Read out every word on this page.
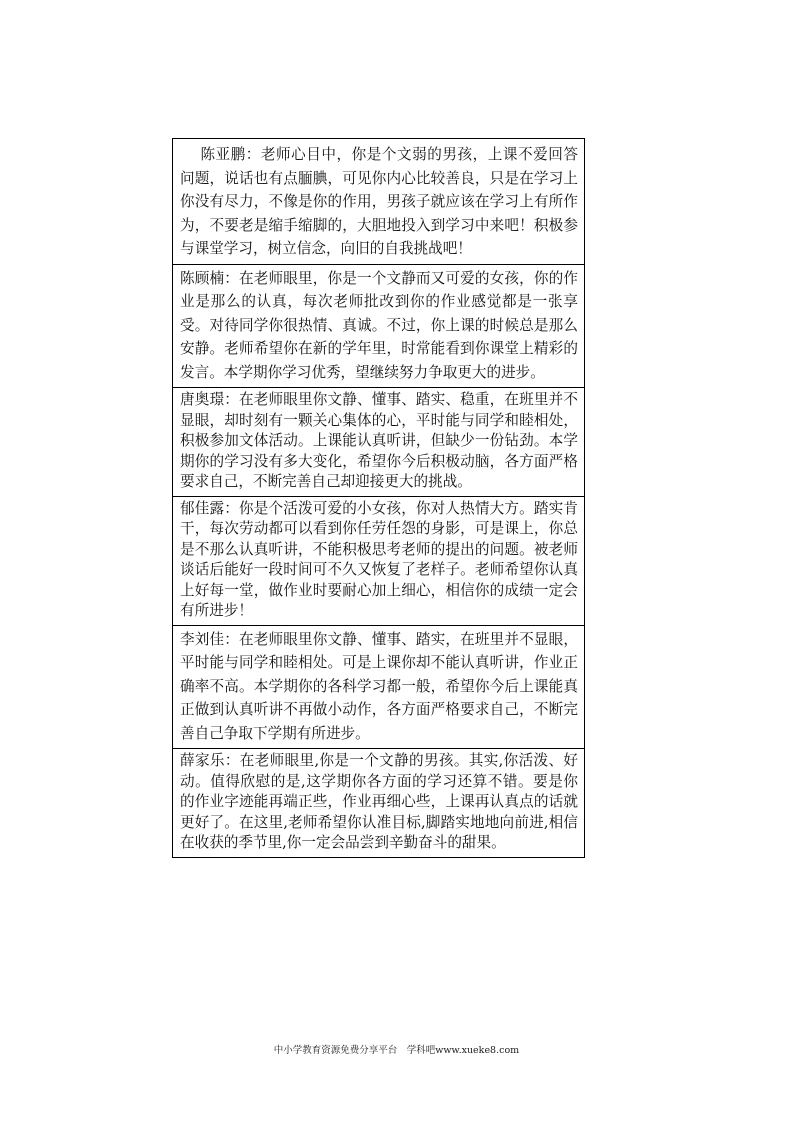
陈亚鹏：老师心目中，你是个文弱的男孩，上课不爱回答问题，说话也有点腼腆，可见你内心比较善良，只是在学习上你没有尽力，不像是你的作用，男孩子就应该在学习上有所作为，不要老是缩手缩脚的，大胆地投入到学习中来吧！积极参与课堂学习，树立信念，向旧的自我挑战吧！
陈顾楠：在老师眼里，你是一个文静而又可爱的女孩，你的作业是那么的认真，每次老师批改到你的作业感觉都是一张享受。对待同学你很热情、真诚。不过，你上课的时候总是那么安静。老师希望你在新的学年里，时常能看到你课堂上精彩的发言。本学期你学习优秀，望继续努力争取更大的进步。
唐奥璟：在老师眼里你文静、懂事、踏实、稳重，在班里并不显眼，却时刻有一颗关心集体的心，平时能与同学和睦相处，积极参加文体活动。上课能认真听讲，但缺少一份钻劲。本学期你的学习没有多大变化，希望你今后积极动脑，各方面严格要求自己，不断完善自己却迎接更大的挑战。
郁佳露：你是个活泼可爱的小女孩，你对人热情大方。踏实肯干，每次劳动都可以看到你任劳任怨的身影，可是课上，你总是不那么认真听讲，不能积极思考老师的提出的问题。被老师谈话后能好一段时间可不久又恢复了老样子。老师希望你认真上好每一堂，做作业时要耐心加上细心，相信你的成绩一定会有所进步！
李刘佳：在老师眼里你文静、懂事、踏实，在班里并不显眼，平时能与同学和睦相处。可是上课你却不能认真听讲，作业正确率不高。本学期你的各科学习都一般，希望你今后上课能真正做到认真听讲不再做小动作，各方面严格要求自己，不断完善自己争取下学期有所进步。
薛家乐：在老师眼里,你是一个文静的男孩。其实,你活泼、好动。值得欣慰的是,这学期你各方面的学习还算不错。要是你的作业字迹能再端正些，作业再细心些，上课再认真点的话就更好了。在这里,老师希望你认准目标,脚踏实地地向前进,相信在收获的季节里,你一定会品尝到辛勤奋斗的甜果。
中小学教育资源免费分享平台　学科吧www.xueke8.com
